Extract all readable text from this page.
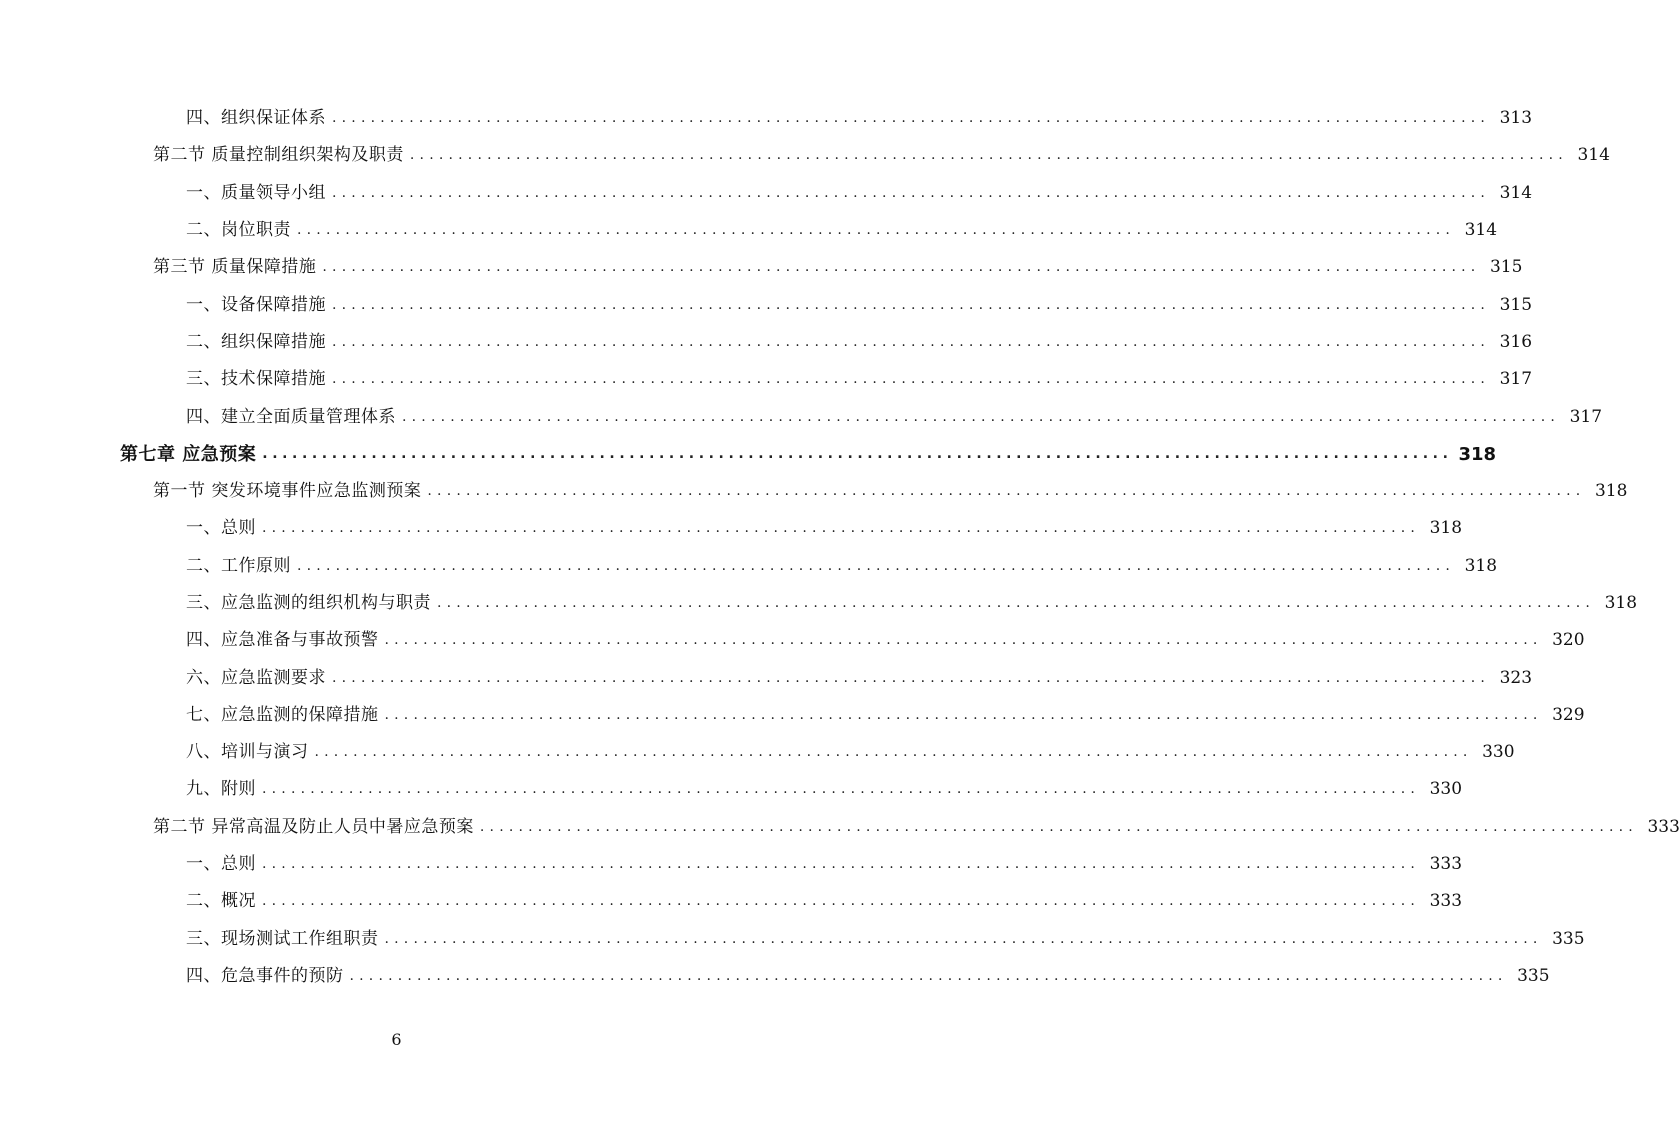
四、组织保证体系 ........................................................................................................................ 313
第二节 质量控制组织架构及职责 ........................................................................................................................ 314
一、质量领导小组 ........................................................................................................................ 314
二、岗位职责 ........................................................................................................................ 314
第三节 质量保障措施 ........................................................................................................................ 315
一、设备保障措施 ........................................................................................................................ 315
二、组织保障措施 ........................................................................................................................ 316
三、技术保障措施 ........................................................................................................................ 317
四、建立全面质量管理体系 ........................................................................................................................ 317
第七章 应急预案 ........................................................................................................................ 318
第一节 突发环境事件应急监测预案 ........................................................................................................................ 318
一、总则 ........................................................................................................................ 318
二、工作原则 ........................................................................................................................ 318
三、应急监测的组织机构与职责 ........................................................................................................................ 318
四、应急准备与事故预警 ........................................................................................................................ 320
六、应急监测要求 ........................................................................................................................ 323
七、应急监测的保障措施 ........................................................................................................................ 329
八、培训与演习 ........................................................................................................................ 330
九、附则 ........................................................................................................................ 330
第二节 异常高温及防止人员中暑应急预案 ........................................................................................................................ 333
一、总则 ........................................................................................................................ 333
二、概况 ........................................................................................................................ 333
三、现场测试工作组职责 ........................................................................................................................ 335
四、危急事件的预防 ........................................................................................................................ 335
6
